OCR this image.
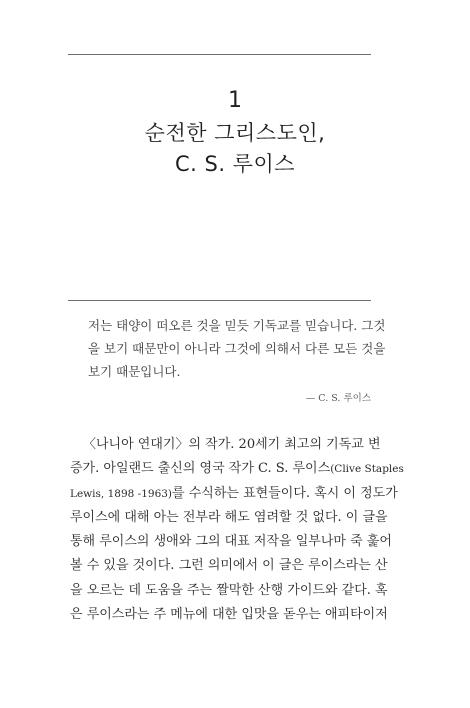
1
순전한 그리스도인,
C. S. 루이스
저는 태양이 떠오른 것을 믿듯 기독교를 믿습니다. 그것
을 보기 때문만이 아니라 그것에 의해서 다른 모든 것을
보기 때문입니다.
— C. S. 루이스
〈나니아 연대기〉의 작가. 20세기 최고의 기독교 변
증가. 아일랜드 출신의 영국 작가 C. S. 루이스(Clive Staples
Lewis, 1898 -1963)를 수식하는 표현들이다. 혹시 이 정도가
루이스에 대해 아는 전부라 해도 염려할 것 없다. 이 글을
통해 루이스의 생애와 그의 대표 저작을 일부나마 죽 훑어
볼 수 있을 것이다. 그런 의미에서 이 글은 루이스라는 산
을 오르는 데 도움을 주는 짤막한 산행 가이드와 같다. 혹
은 루이스라는 주 메뉴에 대한 입맛을 돋우는 애피타이저
